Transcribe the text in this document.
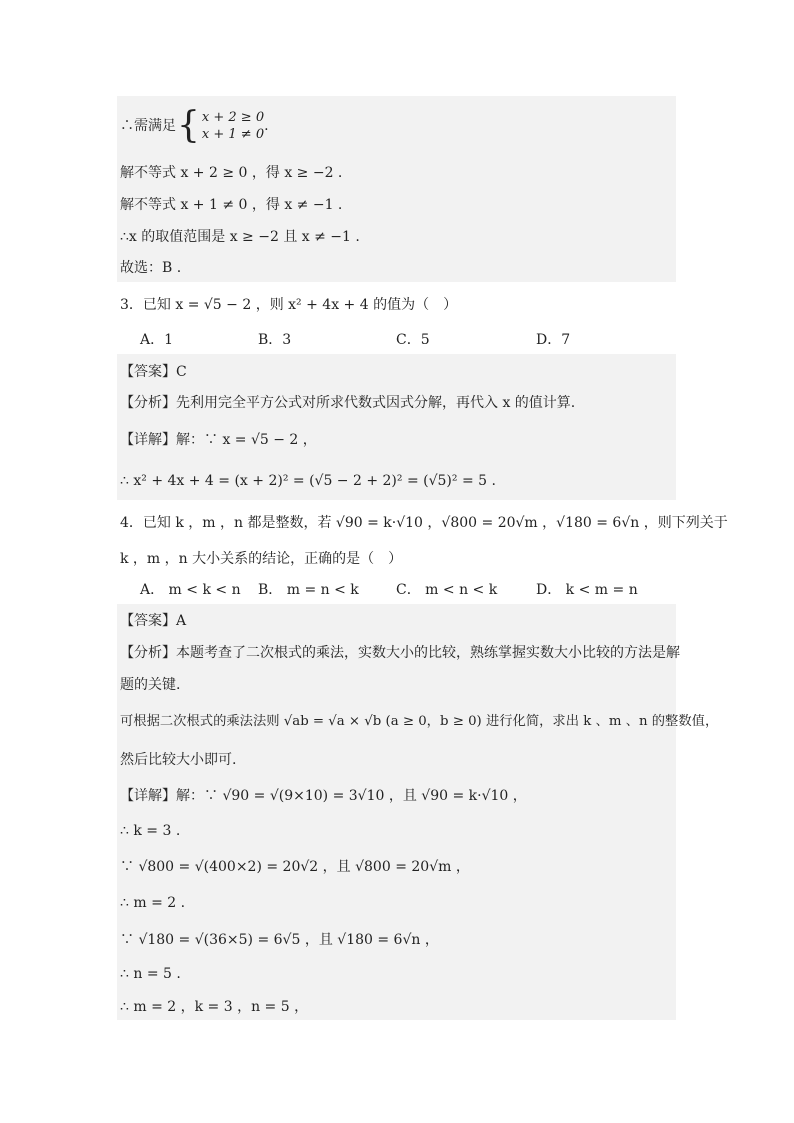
∴需满足 { x + 2 ≥ 0
x + 1 ≠ 0
.
解不等式 x + 2 ≥ 0 ，得 x ≥ −2 .
解不等式 x + 1 ≠ 0 ，得 x ≠ −1 .
∴x 的取值范围是 x ≥ −2 且 x ≠ −1 .
故选：B .
3．已知 x = √5 − 2 ，则 x² + 4x + 4 的值为（　）
A．1	B．3	C．5	D．7
【答案】C
【分析】先利用完全平方公式对所求代数式因式分解，再代入 x 的值计算.
【详解】解：∵ x = √5 − 2 ，
∴ x² + 4x + 4 = (x + 2)² = (√5 − 2 + 2)² = (√5)² = 5 .
4．已知 k ，m ，n 都是整数，若 √90 = k·√10 ，√800 = 20√m ，√180 = 6√n ，则下列关于
k ，m ，n 大小关系的结论，正确的是（　）
A． m < k < n B． m = n < k	C． m < n < k	D． k < m = n
【答案】A
【分析】本题考查了二次根式的乘法，实数大小的比较，熟练掌握实数大小比较的方法是解
题的关键.
可根据二次根式的乘法法则 √ab = √a × √b (a ≥ 0，b ≥ 0) 进行化简，求出 k 、m 、n 的整数值，
然后比较大小即可.
【详解】解：∵ √90 = √(9×10) = 3√10 ，且 √90 = k·√10 ，
∴ k = 3 .
∵ √800 = √(400×2) = 20√2 ，且 √800 = 20√m ，
∴ m = 2 .
∵ √180 = √(36×5) = 6√5 ，且 √180 = 6√n ，
∴ n = 5 .
∴ m = 2 ，k = 3 ，n = 5 ，
